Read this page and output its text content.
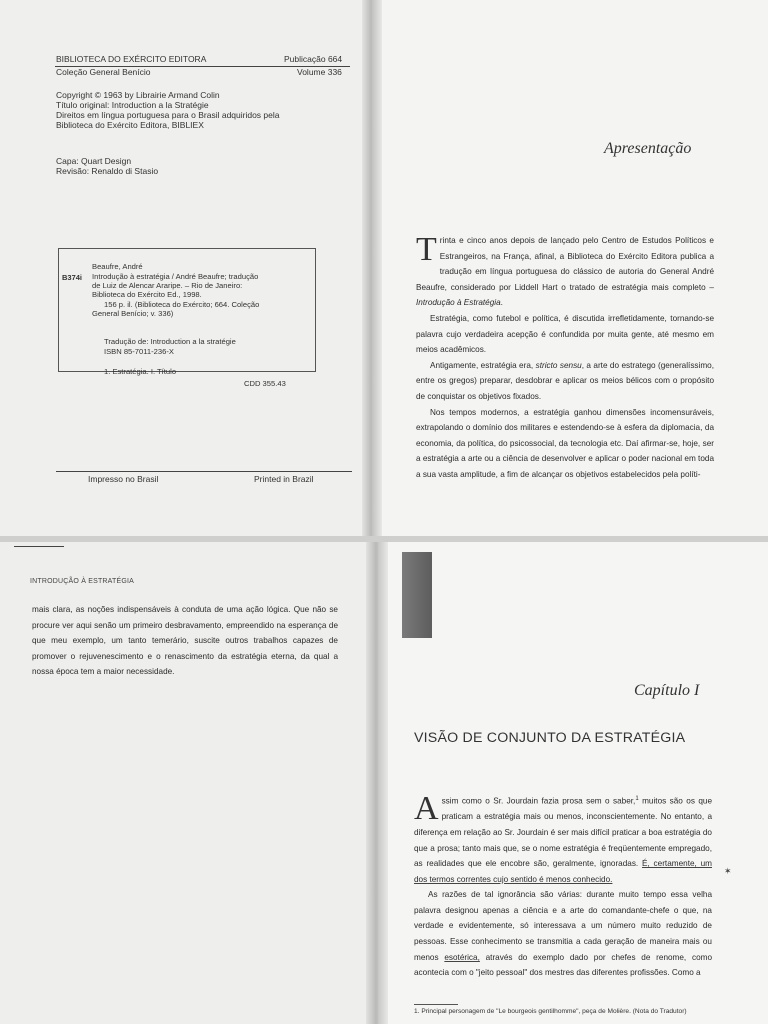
BIBLIOTECA DO EXÉRCITO EDITORA	Publicação 664
Coleção General Benício	Volume 336
Copyright © 1963 by Librairie Armand Colin
Título original: Introduction a la Stratégie
Direitos em língua portuguesa para o Brasil adquiridos pela
Biblioteca do Exército Editora, BIBLIEX
Capa: Quart Design
Revisão: Renaldo di Stasio
B374i
Beaufre, André
Introdução à estratégia / André Beaufre; tradução
de Luiz de Alencar Araripe. – Rio de Janeiro:
Biblioteca do Exército Ed., 1998.
156 p. il. (Biblioteca do Exército; 664. Coleção
General Benício; v. 336)
Tradução de: Introduction a la stratégie
ISBN 85-7011-236-X
1. Estratégia. I. Título
CDD 355.43
Impresso no Brasil	Printed in Brazil
Apresentação
Trinta e cinco anos depois de lançado pelo Centro de Estudos Políticos e Estrangeiros, na França, afinal, a Biblioteca do Exército Editora publica a tradução em língua portuguesa do clássico de autoria do General André Beaufre, considerado por Liddell Hart o tratado de estratégia mais completo – Introdução à Estratégia.
Estratégia, como futebol e política, é discutida irrefletidamente, tornando-se palavra cujo verdadeira acepção é confundida por muita gente, até mesmo em meios acadêmicos.
Antigamente, estratégia era, stricto sensu, a arte do estratego (generalíssimo, entre os gregos) preparar, desdobrar e aplicar os meios bélicos com o propósito de conquistar os objetivos fixados.
Nos tempos modernos, a estratégia ganhou dimensões incomensuráveis, extrapolando o domínio dos militares e estendendo-se à esfera da diplomacia, da economia, da política, do psicossocial, da tecnologia etc. Daí afirmar-se, hoje, ser a estratégia a arte ou a ciência de desenvolver e aplicar o poder nacional em toda a sua vasta amplitude, a fim de alcançar os objetivos estabelecidos pela políti-
INTRODUÇÃO À ESTRATÉGIA
mais clara, as noções indispensáveis à conduta de uma ação lógica. Que não se procure ver aqui senão um primeiro desbravamento, empreendido na esperança de que meu exemplo, um tanto temerário, suscite outros trabalhos capazes de promover o rejuvenescimento e o renascimento da estratégia eterna, da qual a nossa época tem a maior necessidade.
Capítulo I
VISÃO DE CONJUNTO DA ESTRATÉGIA
Assim como o Sr. Jourdain fazia prosa sem o saber,$^1$ muitos são os que praticam a estratégia mais ou menos, inconscientemente. No entanto, a diferença em relação ao Sr. Jourdain é ser mais difícil praticar a boa estratégia do que a prosa; tanto mais que, se o nome estratégia é freqüentemente empregado, as realidades que ele encobre são, geralmente, ignoradas. É, certamente, um dos termos correntes cujo sentido é menos conhecido.
As razões de tal ignorância são várias: durante muito tempo essa velha palavra designou apenas a ciência e a arte do comandante-chefe o que, na verdade e evidentemente, só interessava a um número muito reduzido de pessoas. Esse conhecimento se transmitia a cada geração de maneira mais ou menos esotérica, através do exemplo dado por chefes de renome, como acontecia com o "jeito pessoal" dos mestres das diferentes profissões. Como a
✶
1. Principal personagem de "Le bourgeois gentilhomme", peça de Molière. (Nota do Tradutor)
